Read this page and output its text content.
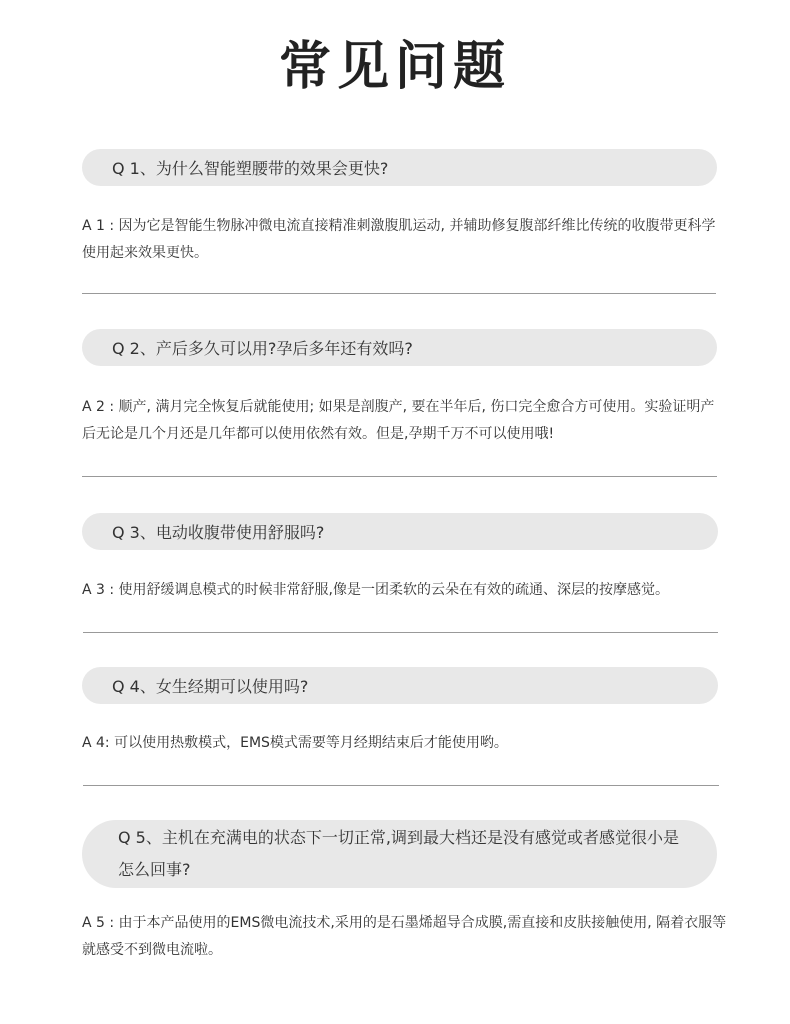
常见问题
Q 1、为什么智能塑腰带的效果会更快?
A 1 : 因为它是智能生物脉冲微电流直接精准刺激腹肌运动, 并辅助修复腹部纤维比传统的收腹带更科学使用起来效果更快。
Q 2、产后多久可以用?孕后多年还有效吗?
A 2 : 顺产, 满月完全恢复后就能使用; 如果是剖腹产, 要在半年后, 伤口完全愈合方可使用。实验证明产后无论是几个月还是几年都可以使用依然有效。但是,孕期千万不可以使用哦!
Q 3、电动收腹带使用舒服吗?
A 3 : 使用舒缓调息模式的时候非常舒服,像是一团柔软的云朵在有效的疏通、深层的按摩感觉。
Q 4、女生经期可以使用吗?
A 4: 可以使用热敷模式，EMS模式需要等月经期结束后才能使用哟。
Q 5、主机在充满电的状态下一切正常,调到最大档还是没有感觉或者感觉很小是怎么回事?
A 5 : 由于本产品使用的EMS微电流技术,采用的是石墨烯超导合成膜,需直接和皮肤接触使用, 隔着衣服等就感受不到微电流啦。
